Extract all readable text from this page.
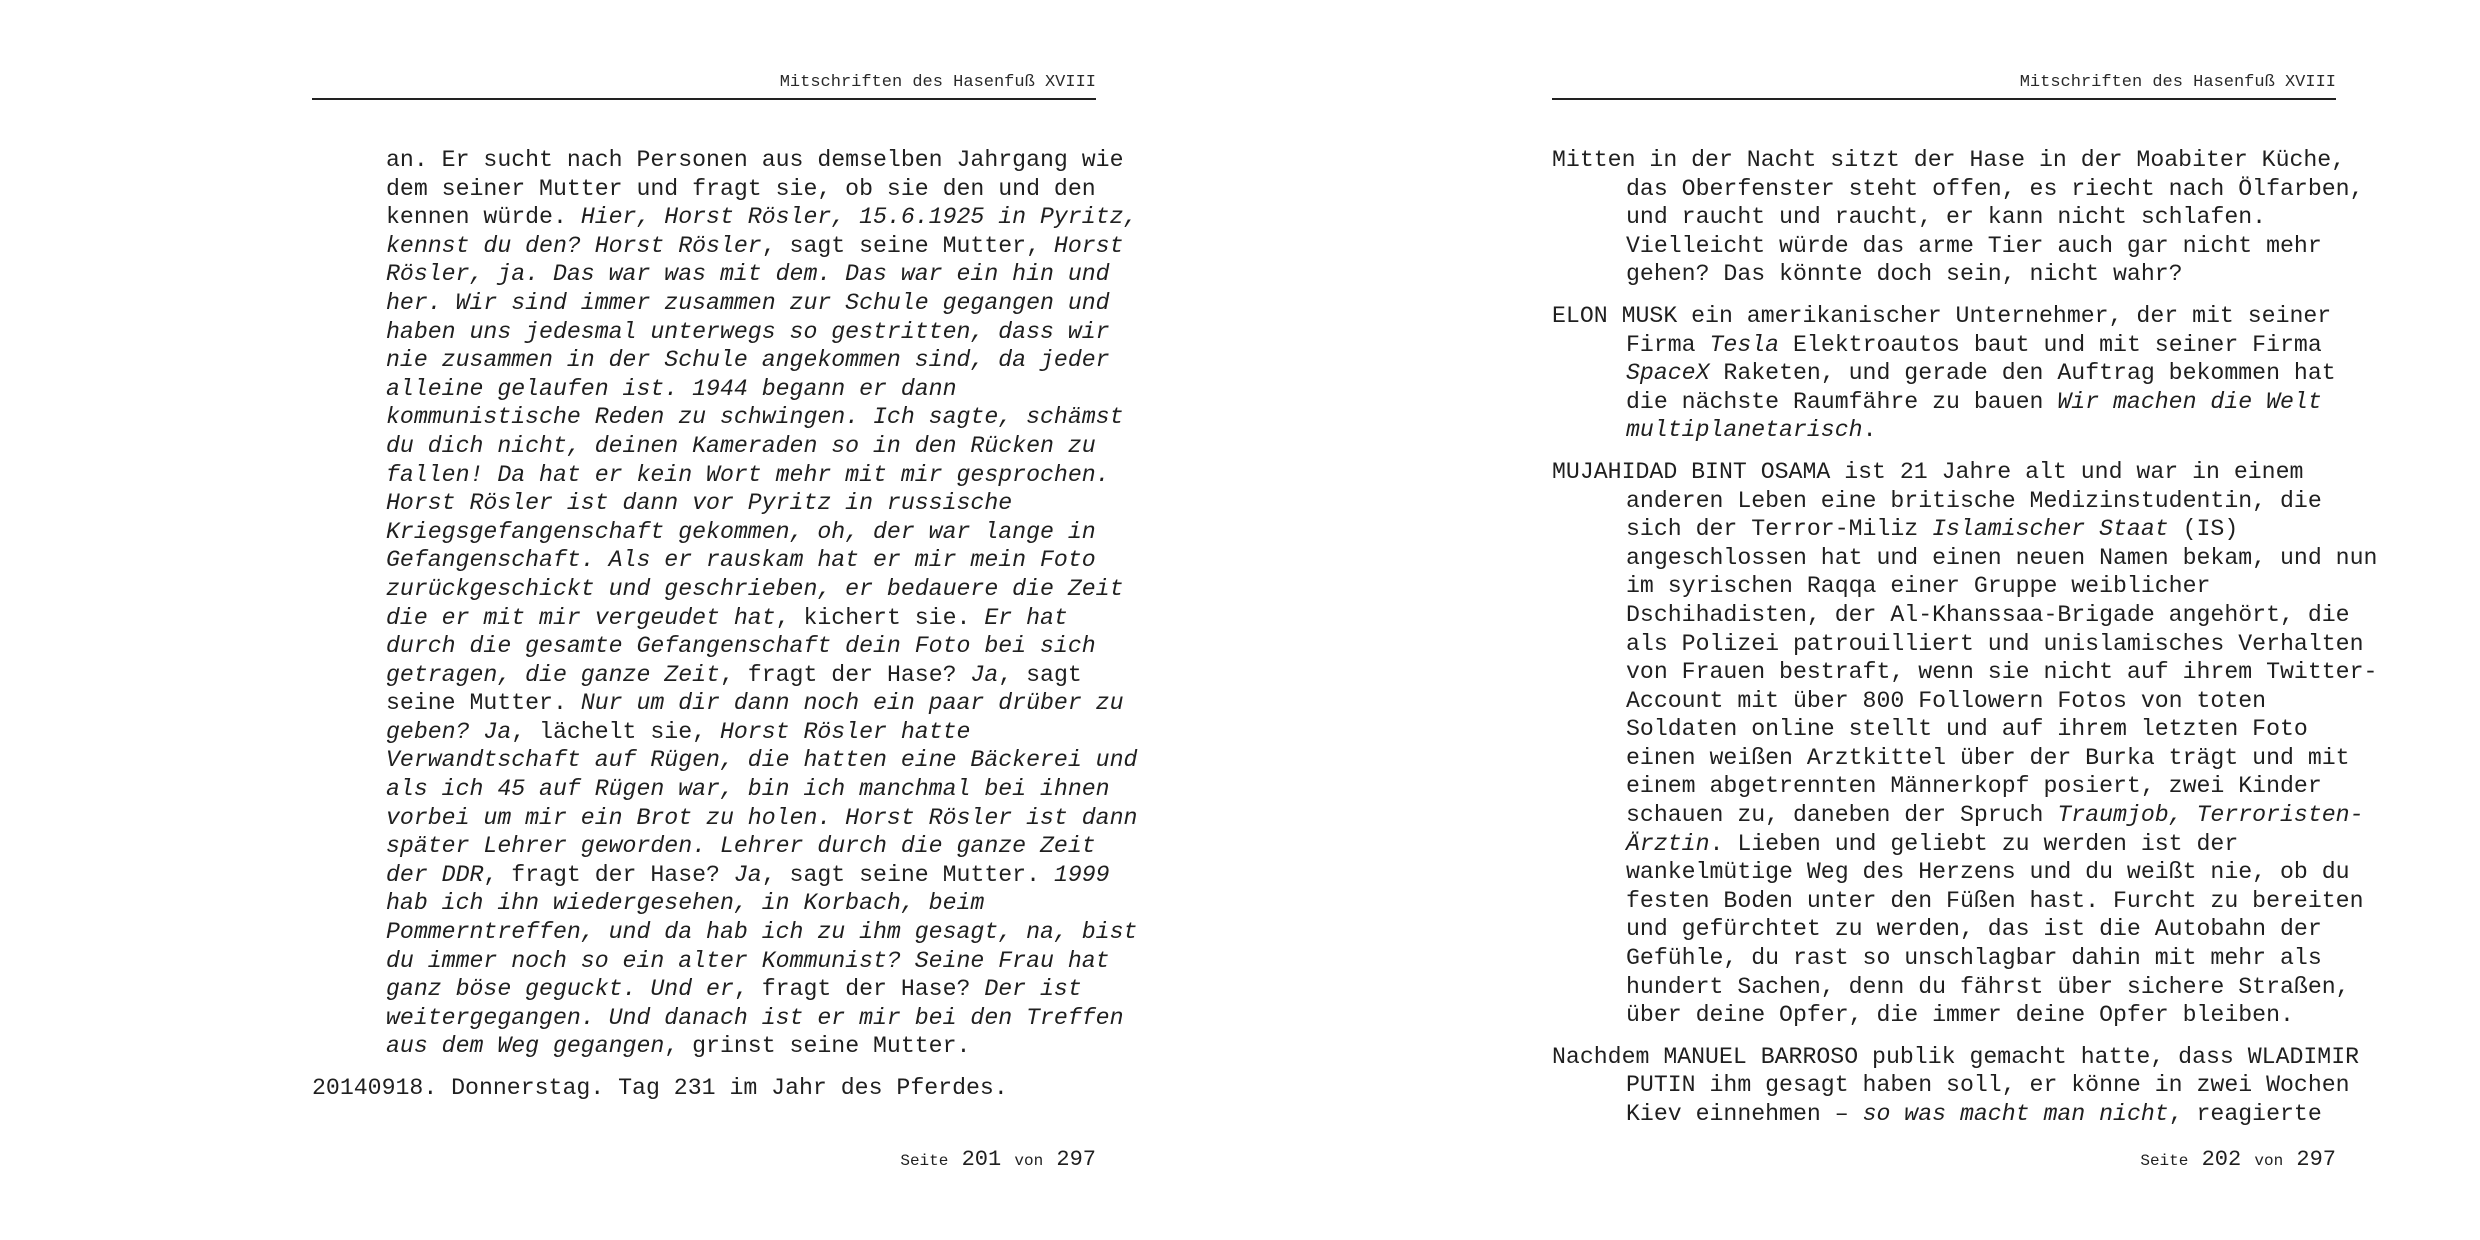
Mitschriften des Hasenfuß XVIII
an. Er sucht nach Personen aus demselben Jahrgang wie
dem seiner Mutter und fragt sie, ob sie den und den
kennen würde. Hier, Horst Rösler, 15.6.1925 in Pyritz,
kennst du den? Horst Rösler, sagt seine Mutter, Horst
Rösler, ja. Das war was mit dem. Das war ein hin und
her. Wir sind immer zusammen zur Schule gegangen und
haben uns jedesmal unterwegs so gestritten, dass wir
nie zusammen in der Schule angekommen sind, da jeder
alleine gelaufen ist. 1944 begann er dann
kommunistische Reden zu schwingen. Ich sagte, schämst
du dich nicht, deinen Kameraden so in den Rücken zu
fallen! Da hat er kein Wort mehr mit mir gesprochen.
Horst Rösler ist dann vor Pyritz in russische
Kriegsgefangenschaft gekommen, oh, der war lange in
Gefangenschaft. Als er rauskam hat er mir mein Foto
zurückgeschickt und geschrieben, er bedauere die Zeit
die er mit mir vergeudet hat, kichert sie. Er hat
durch die gesamte Gefangenschaft dein Foto bei sich
getragen, die ganze Zeit, fragt der Hase? Ja, sagt
seine Mutter. Nur um dir dann noch ein paar drüber zu
geben? Ja, lächelt sie, Horst Rösler hatte
Verwandtschaft auf Rügen, die hatten eine Bäckerei und
als ich 45 auf Rügen war, bin ich manchmal bei ihnen
vorbei um mir ein Brot zu holen. Horst Rösler ist dann
später Lehrer geworden. Lehrer durch die ganze Zeit
der DDR, fragt der Hase? Ja, sagt seine Mutter. 1999
hab ich ihn wiedergesehen, in Korbach, beim
Pommerntreffen, und da hab ich zu ihm gesagt, na, bist
du immer noch so ein alter Kommunist? Seine Frau hat
ganz böse geguckt. Und er, fragt der Hase? Der ist
weitergegangen. Und danach ist er mir bei den Treffen
aus dem Weg gegangen, grinst seine Mutter.
20140918. Donnerstag. Tag 231 im Jahr des Pferdes.
Seite 201 von 297
Mitschriften des Hasenfuß XVIII
Mitten in der Nacht sitzt der Hase in der Moabiter Küche,
das Oberfenster steht offen, es riecht nach Ölfarben,
und raucht und raucht, er kann nicht schlafen.
Vielleicht würde das arme Tier auch gar nicht mehr
gehen? Das könnte doch sein, nicht wahr?
ELON MUSK ein amerikanischer Unternehmer, der mit seiner
Firma Tesla Elektroautos baut und mit seiner Firma
SpaceX Raketen, und gerade den Auftrag bekommen hat
die nächste Raumfähre zu bauen Wir machen die Welt
multiplanetarisch.
MUJAHIDAD BINT OSAMA ist 21 Jahre alt und war in einem
anderen Leben eine britische Medizinstudentin, die
sich der Terror-Miliz Islamischer Staat (IS)
angeschlossen hat und einen neuen Namen bekam, und nun
im syrischen Raqqa einer Gruppe weiblicher
Dschihadisten, der Al-Khanssaa-Brigade angehört, die
als Polizei patrouilliert und unislamisches Verhalten
von Frauen bestraft, wenn sie nicht auf ihrem Twitter-
Account mit über 800 Followern Fotos von toten
Soldaten online stellt und auf ihrem letzten Foto
einen weißen Arztkittel über der Burka trägt und mit
einem abgetrennten Männerkopf posiert, zwei Kinder
schauen zu, daneben der Spruch Traumjob, Terroristen-
Ärztin. Lieben und geliebt zu werden ist der
wankelmütige Weg des Herzens und du weißt nie, ob du
festen Boden unter den Füßen hast. Furcht zu bereiten
und gefürchtet zu werden, das ist die Autobahn der
Gefühle, du rast so unschlagbar dahin mit mehr als
hundert Sachen, denn du fährst über sichere Straßen,
über deine Opfer, die immer deine Opfer bleiben.
Nachdem MANUEL BARROSO publik gemacht hatte, dass WLADIMIR
PUTIN ihm gesagt haben soll, er könne in zwei Wochen
Kiev einnehmen – so was macht man nicht, reagierte
Seite 202 von 297
